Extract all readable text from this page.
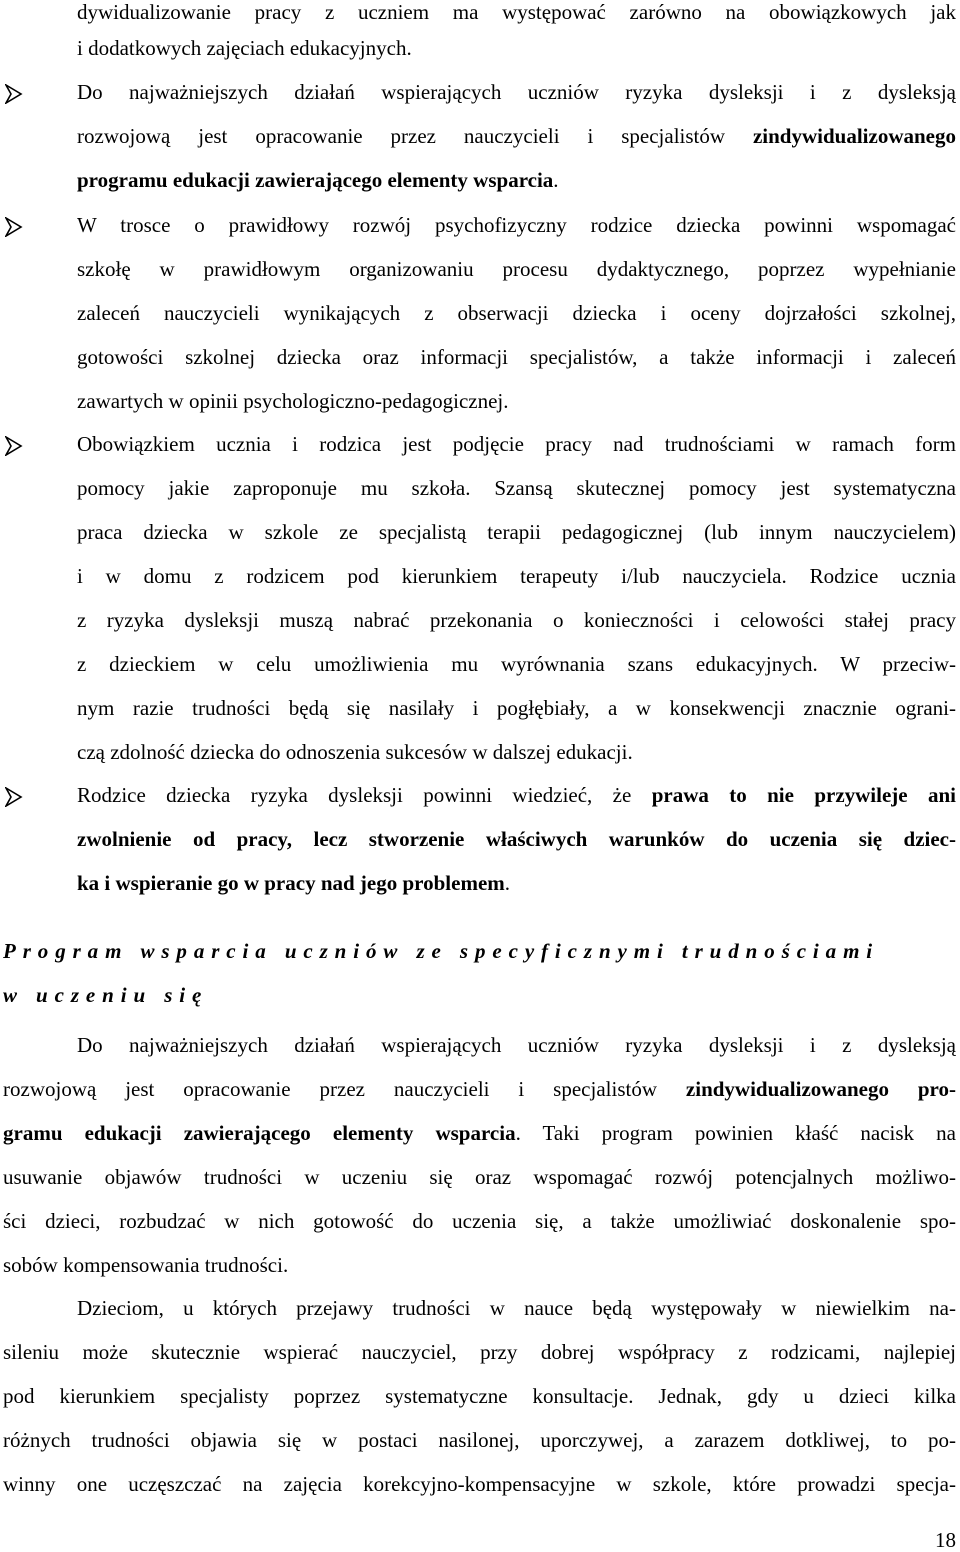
dywidualizowanie pracy z uczniem ma występować zarówno na obowiązkowych jak
i dodatkowych zajęciach edukacyjnych.
Do najważniejszych działań wspierających uczniów ryzyka dysleksji i z dysleksją
rozwojową jest opracowanie przez nauczycieli i specjalistów zindywidualizowanego
programu edukacji zawierającego elementy wsparcia.
W trosce o prawidłowy rozwój psychofizyczny rodzice dziecka powinni wspomagać
szkołę w prawidłowym organizowaniu procesu dydaktycznego, poprzez wypełnianie
zaleceń nauczycieli wynikających z obserwacji dziecka i oceny dojrzałości szkolnej,
gotowości szkolnej dziecka oraz informacji specjalistów, a także informacji i zaleceń
zawartych w opinii psychologiczno-pedagogicznej.
Obowiązkiem ucznia i rodzica jest podjęcie pracy nad trudnościami w ramach form
pomocy jakie zaproponuje mu szkoła. Szansą skutecznej pomocy jest systematyczna
praca dziecka w szkole ze specjalistą terapii pedagogicznej (lub innym nauczycielem)
i w domu z rodzicem pod kierunkiem terapeuty i/lub nauczyciela. Rodzice ucznia
z ryzyka dysleksji muszą nabrać przekonania o konieczności i celowości stałej pracy
z dzieckiem w celu umożliwienia mu wyrównania szans edukacyjnych. W przeciw-
nym razie trudności będą się nasilały i pogłębiały, a w konsekwencji znacznie ograni-
czą zdolność dziecka do odnoszenia sukcesów w dalszej edukacji.
Rodzice dziecka ryzyka dysleksji powinni wiedzieć, że prawa to nie przywileje ani
zwolnienie od pracy, lecz stworzenie właściwych warunków do uczenia się dziec-
ka i wspieranie go w pracy nad jego problemem.
Program wsparcia uczniów ze specyficznymi trudnościami
w uczeniu się
Do najważniejszych działań wspierających uczniów ryzyka dysleksji i z dysleksją
rozwojową jest opracowanie przez nauczycieli i specjalistów zindywidualizowanego pro-
gramu edukacji zawierającego elementy wsparcia. Taki program powinien kłaść nacisk na
usuwanie objawów trudności w uczeniu się oraz wspomagać rozwój potencjalnych możliwo-
ści dzieci, rozbudzać w nich gotowość do uczenia się, a także umożliwiać doskonalenie spo-
sobów kompensowania trudności.
Dzieciom, u których przejawy trudności w nauce będą występowały w niewielkim na-
sileniu może skutecznie wspierać nauczyciel, przy dobrej współpracy z rodzicami, najlepiej
pod kierunkiem specjalisty poprzez systematyczne konsultacje. Jednak, gdy u dzieci kilka
różnych trudności objawia się w postaci nasilonej, uporczywej, a zarazem dotkliwej, to po-
winny one uczęszczać na zajęcia korekcyjno-kompensacyjne w szkole, które prowadzi specja-
18
